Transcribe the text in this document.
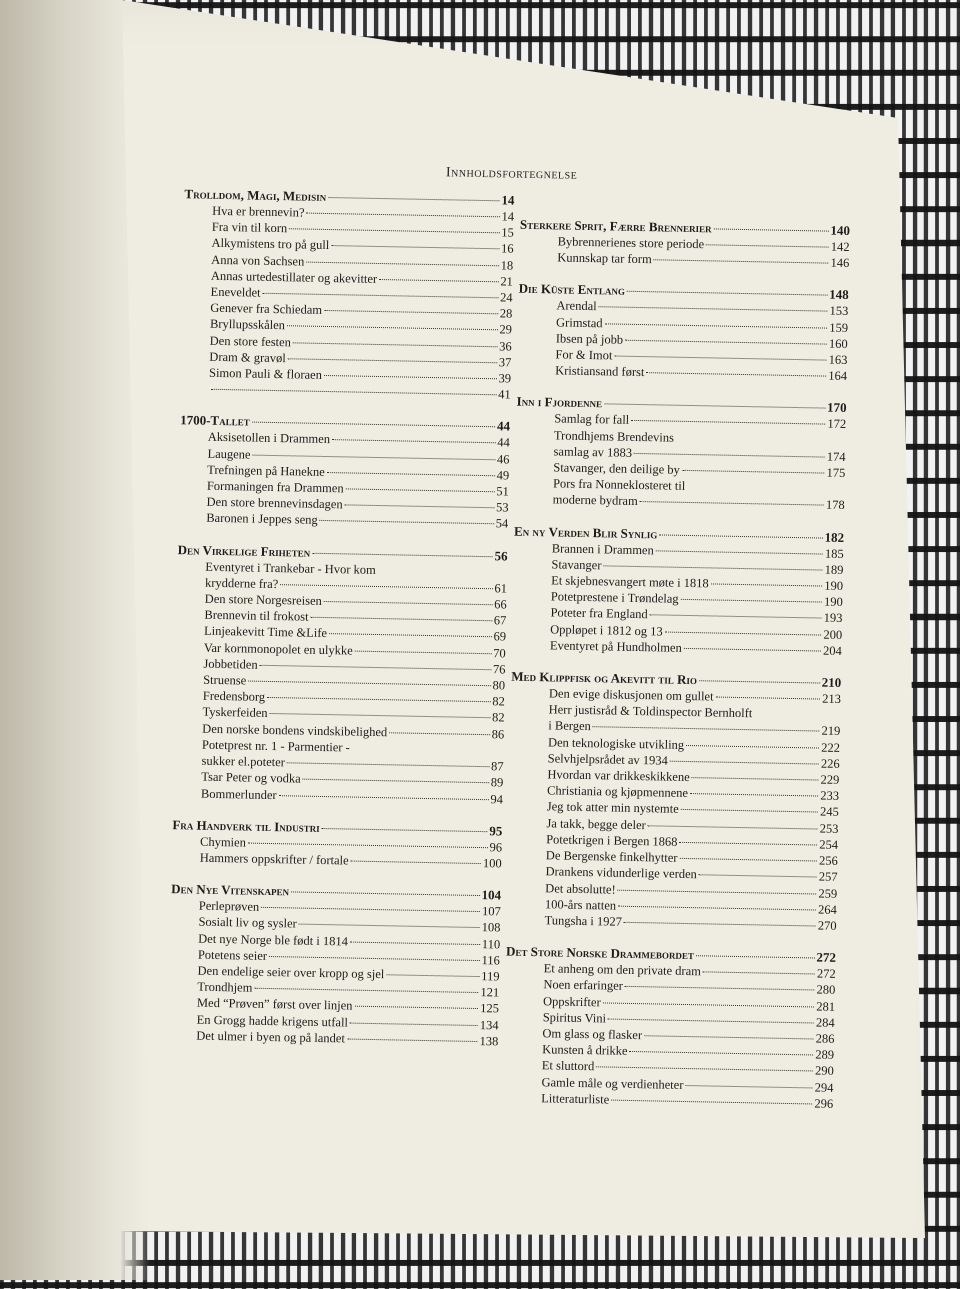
Innholdsfortegnelse
Trolldom, Magi, Medisin	14
Hva er brennevin?	14
Fra vin til korn	15
Alkymistens tro på gull	16
Anna von Sachsen	18
Annas urtedestillater og akevitter	21
Eneveldet	24
Genever fra Schiedam	28
Bryllupsskålen	29
Den store festen	36
Dram & gravøl	37
Simon Pauli & floraen	39
41
1700-Tallet	44
Aksisetollen i Drammen	44
Laugene	46
Trefningen på Hanekne	49
Formaningen fra Drammen	51
Den store brennevinsdagen	53
Baronen i Jeppes seng	54
Den Virkelige Friheten	56
Eventyret i Trankebar - Hvor kom
krydderne fra?	61
Den store Norgesreisen	66
Brennevin til frokost	67
Linjeakevitt Time &Life	69
Var kornmonopolet en ulykke	70
Jobbetiden	76
Struense	80
Fredensborg	82
Tyskerfeiden	82
Den norske bondens vindskibelighed	86
Potetprest nr. 1 - Parmentier -
sukker el.poteter	87
Tsar Peter og vodka	89
Bommerlunder	94
Fra Handverk til Industri	95
Chymien	96
Hammers oppskrifter / fortale	100
Den Nye Vitenskapen	104
Perleprøven	107
Sosialt liv og sysler	108
Det nye Norge ble født i 1814	110
Potetens seier	116
Den endelige seier over kropp og sjel	119
Trondhjem	121
Med “Prøven” først over linjen	125
En Grogg hadde krigens utfall	134
Det ulmer i byen og på landet	138
Sterkere Sprit, Færre Brennerier	140
Bybrennerienes store periode	142
Kunnskap tar form	146
Die Küste Entlang	148
Arendal	153
Grimstad	159
Ibsen på jobb	160
For & Imot	163
Kristiansand først	164
Inn i Fjordenne	170
Samlag for fall	172
Trondhjems Brendevins
samlag av 1883	174
Stavanger, den deilige by	175
Pors fra Nonneklosteret til
moderne bydram	178
En ny Verden Blir Synlig	182
Brannen i Drammen	185
Stavanger	189
Et skjebnesvangert møte i 1818	190
Potetprestene i Trøndelag	190
Poteter fra England	193
Oppløpet i 1812 og 13	200
Eventyret på Hundholmen	204
Med Klippfisk og Akevitt til Rio	210
Den evige diskusjonen om gullet	213
Herr justisråd & Toldinspector Bernholft
i Bergen	219
Den teknologiske utvikling	222
Selvhjelpsrådet av 1934	226
Hvordan var drikkeskikkene	229
Christiania og kjøpmennene	233
Jeg tok atter min nystemte	245
Ja takk, begge deler	253
Potetkrigen i Bergen 1868	254
De Bergenske finkelhytter	256
Drankens vidunderlige verden	257
Det absolutte!	259
100-års natten	264
Tungsha i 1927	270
Det Store Norske Drammebordet	272
Et anheng om den private dram	272
Noen erfaringer	280
Oppskrifter	281
Spiritus Vini	284
Om glass og flasker	286
Kunsten å drikke	289
Et sluttord	290
Gamle måle og verdienheter	294
Litteraturliste	296
